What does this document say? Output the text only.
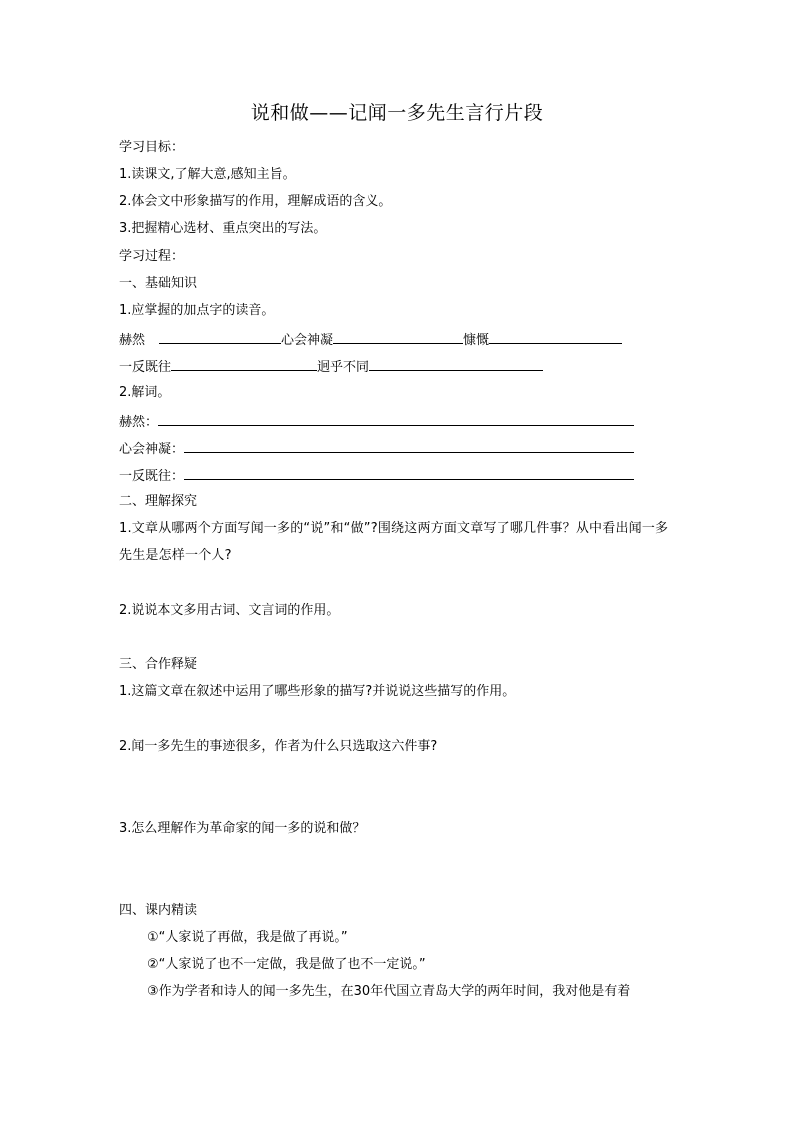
说和做——记闻一多先生言行片段
学习目标：
1.读课文,了解大意,感知主旨。
2.体会文中形象描写的作用，理解成语的含义。
3.把握精心选材、重点突出的写法。
学习过程：
一、基础知识
1.应掌握的加点字的读音。
赫然	心会神凝	慷慨
一反既往	迥乎不同
2.解词。
赫然：
心会神凝：
一反既往：
二、理解探究
1.文章从哪两个方面写闻一多的“说”和“做”?围绕这两方面文章写了哪几件事？从中看出闻一多先生是怎样一个人?
2.说说本文多用古词、文言词的作用。
三、合作释疑
1.这篇文章在叙述中运用了哪些形象的描写?并说说这些描写的作用。
2.闻一多先生的事迹很多，作者为什么只选取这六件事?
3.怎么理解作为革命家的闻一多的说和做？
四、课内精读
①“人家说了再做，我是做了再说。”
②“人家说了也不一定做，我是做了也不一定说。”
③作为学者和诗人的闻一多先生，在30年代国立青岛大学的两年时间，我对他是有着
